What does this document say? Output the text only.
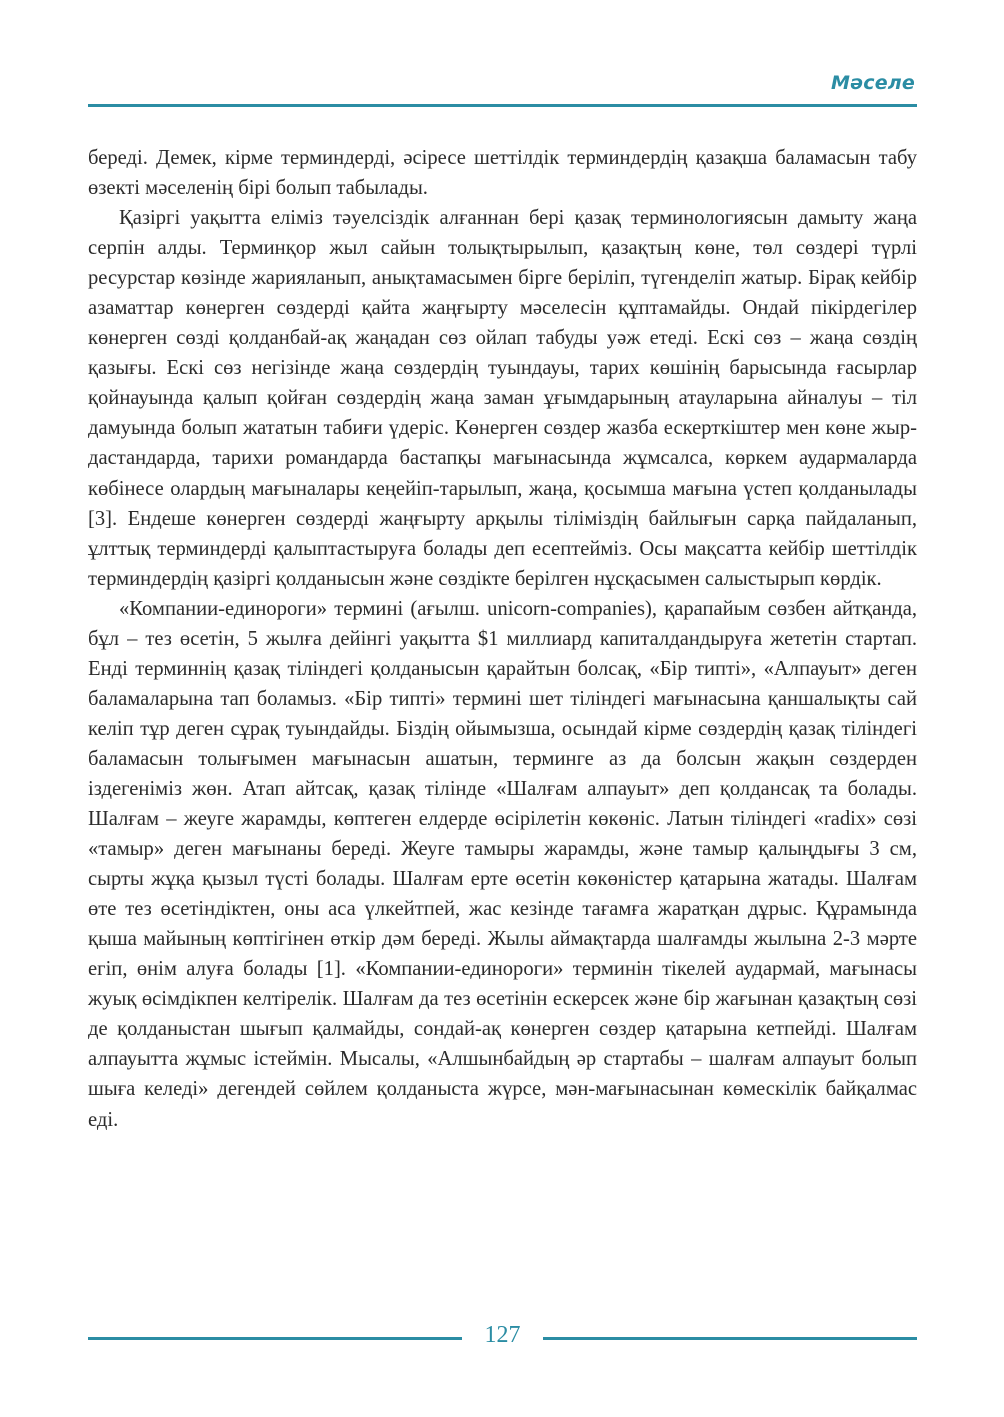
Мәселе

береді. Демек, кірме терминдерді, әсіресе шеттілдік терминдердің қазақша баламасын табу өзекті мәселенің бірі болып табылады.

Қазіргі уақытта еліміз тәуелсіздік алғаннан бері қазақ терминологиясын дамыту жаңа серпін алды. Терминқор жыл сайын толықтырылып, қазақтың көне, төл сөздері түрлі ресурстар көзінде жарияланып, анықтамасымен бірге беріліп, түгенделіп жатыр. Бірақ кейбір азаматтар көнерген сөздерді қайта жаңғырту мәселесін құптамайды. Ондай пікірдегілер көнерген сөзді қолданбай-ақ жаңадан сөз ойлап табуды уәж етеді. Ескі сөз – жаңа сөздің қазығы. Ескі сөз негізінде жаңа сөздердің туындауы, тарих көшінің барысында ғасырлар қойнауында қалып қойған сөздердің жаңа заман ұғымдарының атауларына айналуы – тіл дамуында болып жататын табиғи үдеріс. Көнерген сөздер жазба ескерткіштер мен көне жыр-дастандарда, тарихи романдарда бастапқы мағынасында жұмсалса, көркем аудармаларда көбінесе олардың мағыналары кеңейіп-тарылып, жаңа, қосымша мағына үстеп қолданылады [3]. Ендеше көнерген сөздерді жаңғырту арқылы тіліміздің байлығын сарқа пайдаланып, ұлттық терминдерді қалыптастыруға болады деп есептейміз. Осы мақсатта кейбір шеттілдік терминдердің қазіргі қолданысын және сөздікте берілген нұсқасымен салыстырып көрдік.

«Компании-единороги» термині (ағылш. unicorn-companies), қарапайым сөзбен айтқанда, бұл – тез өсетін, 5 жылға дейінгі уақытта $1 миллиард капиталдандыруға жететін стартап. Енді терминнің қазақ тіліндегі қолданысын қарайтын болсақ, «Бір типті», «Алпауыт» деген баламаларына тап боламыз. «Бір типті» термині шет тіліндегі мағынасына қаншалықты сай келіп тұр деген сұрақ туындайды. Біздің ойымызша, осындай кірме сөздердің қазақ тіліндегі баламасын толығымен мағынасын ашатын, терминге аз да болсын жақын сөздерден іздегеніміз жөн. Атап айтсақ, қазақ тілінде «Шалғам алпауыт» деп қолдансақ та болады. Шалғам – жеуге жарамды, көптеген елдерде өсірілетін көкөніс. Латын тіліндегі «radix» сөзі «тамыр» деген мағынаны береді. Жеуге тамыры жарамды, және тамыр қалыңдығы 3 см, сырты жұқа қызыл түсті болады. Шалғам ерте өсетін көкөністер қатарына жатады. Шалғам өте тез өсетіндіктен, оны аса үлкейтпей, жас кезінде тағамға жаратқан дұрыс. Құрамында қыша майының көптігінен өткір дәм береді. Жылы аймақтарда шалғамды жылына 2-3 мәрте егіп, өнім алуға болады [1]. «Компании-единороги» терминін тікелей аудармай, мағынасы жуық өсімдікпен келтірелік. Шалғам да тез өсетінін ескерсек және бір жағынан қазақтың сөзі де қолданыстан шығып қалмайды, сондай-ақ көнерген сөздер қатарына кетпейді. Шалғам алпауытта жұмыс істеймін. Мысалы, «Алшынбайдың әр стартабы – шалғам алпауыт болып шыға келеді» дегендей сөйлем қолданыста жүрсе, мән-мағынасынан көмескілік байқалмас еді.

127
